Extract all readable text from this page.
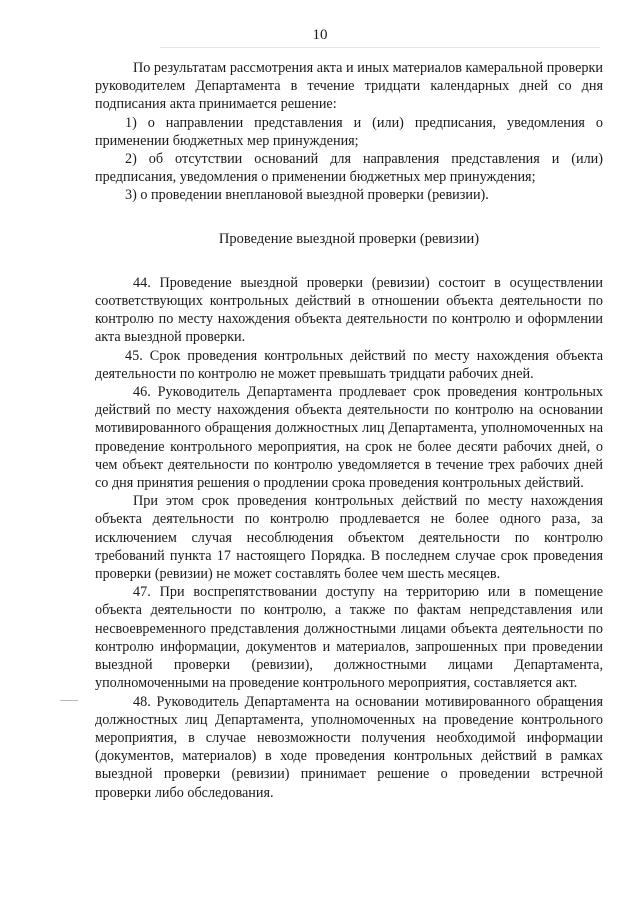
10

По результатам рассмотрения акта и иных материалов камеральной проверки руководителем Департамента в течение тридцати календарных дней со дня подписания акта принимается решение:

1) о направлении представления и (или) предписания, уведомления о применении бюджетных мер принуждения;

2) об отсутствии оснований для направления представления и (или) предписания, уведомления о применении бюджетных мер принуждения;

3) о проведении внеплановой выездной проверки (ревизии).

Проведение выездной проверки (ревизии)

44. Проведение выездной проверки (ревизии) состоит в осуществлении соответствующих контрольных действий в отношении объекта деятельности по контролю по месту нахождения объекта деятельности по контролю и оформлении акта выездной проверки.

45. Срок проведения контрольных действий по месту нахождения объекта деятельности по контролю не может превышать тридцати рабочих дней.

46. Руководитель Департамента продлевает срок проведения контрольных действий по месту нахождения объекта деятельности по контролю на основании мотивированного обращения должностных лиц Департамента, уполномоченных на проведение контрольного мероприятия, на срок не более десяти рабочих дней, о чем объект деятельности по контролю уведомляется в течение трех рабочих дней со дня принятия решения о продлении срока проведения контрольных действий.

При этом срок проведения контрольных действий по месту нахождения объекта деятельности по контролю продлевается не более одного раза, за исключением случая несоблюдения объектом деятельности по контролю требований пункта 17 настоящего Порядка. В последнем случае срок проведения проверки (ревизии) не может составлять более чем шесть месяцев.

47. При воспрепятствовании доступу на территорию или в помещение объекта деятельности по контролю, а также по фактам непредставления или несвоевременного представления должностными лицами объекта деятельности по контролю информации, документов и материалов, запрошенных при проведении выездной проверки (ревизии), должностными лицами Департамента, уполномоченными на проведение контрольного мероприятия, составляется акт.

48. Руководитель Департамента на основании мотивированного обращения должностных лиц Департамента, уполномоченных на проведение контрольного мероприятия, в случае невозможности получения необходимой информации (документов, материалов) в ходе проведения контрольных действий в рамках выездной проверки (ревизии) принимает решение о проведении встречной проверки либо обследования.
